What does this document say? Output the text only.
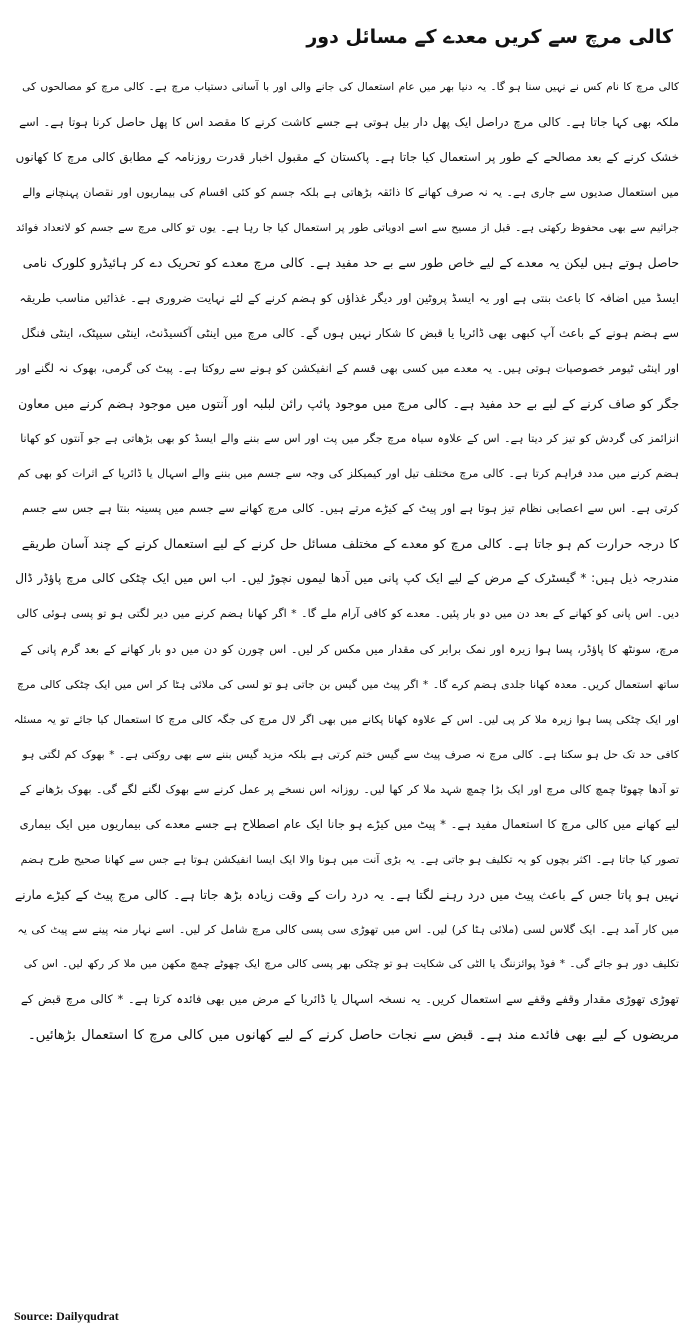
کالی مرچ سے کریں معدے کے مسائل دور
کالی مرچ کا نام کس نے نہیں سنا ہو گا۔ یہ دنیا بھر میں عام استعمال کی جانے والی اور با آسانی دستیاب مرچ ہے۔ کالی مرچ کو مصالحوں کی
ملکہ بھی کہا جاتا ہے۔ کالی مرچ دراصل ایک پھل دار بیل ہوتی ہے جسے کاشت کرنے کا مقصد اس کا پھل حاصل کرنا ہوتا ہے۔ اسے
خشک کرنے کے بعد مصالحے کے طور پر استعمال کیا جاتا ہے۔ پاکستان کے مقبول اخبار قدرت روزنامہ کے مطابق کالی مرچ کا کھانوں
میں استعمال صدیوں سے جاری ہے۔ یہ نہ صرف کھانے کا ذائقہ بڑھاتی ہے بلکہ جسم کو کئی اقسام کی بیماریوں اور نقصان پہنچانے والے
جراثیم سے بھی محفوظ رکھتی ہے۔ قبل از مسیح سے اسے ادویاتی طور پر استعمال کیا جا رہا ہے۔ یوں تو کالی مرچ سے جسم کو لاتعداد فوائد
حاصل ہوتے ہیں لیکن یہ معدے کے لیے خاص طور سے بے حد مفید ہے۔ کالی مرچ معدے کو تحریک دے کر ہائیڈرو کلورک نامی
ایسڈ میں اضافہ کا باعث بنتی ہے اور یہ ایسڈ پروٹین اور دیگر غذاؤں کو ہضم کرنے کے لئے نہایت ضروری ہے۔ غذائیں مناسب طریقہ
سے ہضم ہونے کے باعث آپ کبھی بھی ڈائریا یا قبض کا شکار نہیں ہوں گے۔ کالی مرچ میں اینٹی آکسیڈنٹ، اینٹی سیپٹک، اینٹی فنگل
اور اینٹی ٹیومر خصوصیات ہوتی ہیں۔ یہ معدے میں کسی بھی قسم کے انفیکشن کو ہونے سے روکتا ہے۔ پیٹ کی گرمی، بھوک نہ لگنے اور
جگر کو صاف کرنے کے لیے بے حد مفید ہے۔ کالی مرچ میں موجود پائپ رائن لبلبہ اور آنتوں میں موجود ہضم کرنے میں معاون
انزائمز کی گردش کو تیز کر دیتا ہے۔ اس کے علاوہ سیاہ مرچ جگر میں پت اور اس سے بننے والے ایسڈ کو بھی بڑھاتی ہے جو آنتوں کو کھانا
ہضم کرنے میں مدد فراہم کرتا ہے۔ کالی مرچ مختلف تیل اور کیمیکلز کی وجہ سے جسم میں بننے والے اسہال یا ڈائریا کے اثرات کو بھی کم
کرتی ہے۔ اس سے اعصابی نظام تیز ہوتا ہے اور پیٹ کے کیڑے مرتے ہیں۔ کالی مرچ کھانے سے جسم میں پسینہ بنتا ہے جس سے جسم
کا درجہ حرارت کم ہو جاتا ہے۔ کالی مرچ کو معدے کے مختلف مسائل حل کرنے کے لیے استعمال کرنے کے چند آسان طریقے
مندرجہ ذیل ہیں: * گیسٹرک کے مرض کے لیے ایک کپ پانی میں آدھا لیموں نچوڑ لیں۔ اب اس میں ایک چٹکی کالی مرچ پاؤڈر ڈال
دیں۔ اس پانی کو کھانے کے بعد دن میں دو بار پئیں۔ معدے کو کافی آرام ملے گا۔ * اگر کھانا ہضم کرنے میں دیر لگتی ہو تو پسی ہوئی کالی
مرچ، سونٹھ کا پاؤڈر، پسا ہوا زیرہ اور نمک برابر کی مقدار میں مکس کر لیں۔ اس چورن کو دن میں دو بار کھانے کے بعد گرم پانی کے
ساتھ استعمال کریں۔ معدہ کھانا جلدی ہضم کرے گا۔ * اگر پیٹ میں گیس بن جاتی ہو تو لسی کی ملائی ہٹا کر اس میں ایک چٹکی کالی مرچ
اور ایک چٹکی پسا ہوا زیرہ ملا کر پی لیں۔ اس کے علاوہ کھانا پکانے میں بھی اگر لال مرچ کی جگہ کالی مرچ کا استعمال کیا جائے تو یہ مسئلہ
کافی حد تک حل ہو سکتا ہے۔ کالی مرچ نہ صرف پیٹ سے گیس ختم کرتی ہے بلکہ مزید گیس بننے سے بھی روکتی ہے۔ * بھوک کم لگتی ہو
تو آدھا چھوٹا چمچ کالی مرچ اور ایک بڑا چمچ شہد ملا کر کھا لیں۔ روزانہ اس نسخے پر عمل کرنے سے بھوک لگنے لگے گی۔ بھوک بڑھانے کے
لیے کھانے میں کالی مرچ کا استعمال مفید ہے۔ * پیٹ میں کیڑے ہو جانا ایک عام اصطلاح ہے جسے معدے کی بیماریوں میں ایک بیماری
تصور کیا جاتا ہے۔ اکثر بچوں کو یہ تکلیف ہو جاتی ہے۔ یہ بڑی آنت میں ہونا والا ایک ایسا انفیکشن ہوتا ہے جس سے کھانا صحیح طرح ہضم
نہیں ہو پاتا جس کے باعث پیٹ میں درد رہنے لگتا ہے۔ یہ درد رات کے وقت زیادہ بڑھ جاتا ہے۔ کالی مرچ پیٹ کے کیڑے مارنے
میں کار آمد ہے۔ ایک گلاس لسی (ملائی ہٹا کر) لیں۔ اس میں تھوڑی سی پسی کالی مرچ شامل کر لیں۔ اسے نہار منہ پینے سے پیٹ کی یہ
تکلیف دور ہو جائے گی۔ * فوڈ پوائزننگ یا الٹی کی شکایت ہو تو چٹکی بھر پسی کالی مرچ ایک چھوٹے چمچ مکھن میں ملا کر رکھ لیں۔ اس کی
تھوڑی تھوڑی مقدار وقفے وقفے سے استعمال کریں۔ یہ نسخہ اسہال یا ڈائریا کے مرض میں بھی فائدہ کرتا ہے۔ * کالی مرچ قبض کے
مریضوں کے لیے بھی فائدے مند ہے۔ قبض سے نجات حاصل کرنے کے لیے کھانوں میں کالی مرچ کا استعمال بڑھائیں۔
Source: Dailyqudrat
